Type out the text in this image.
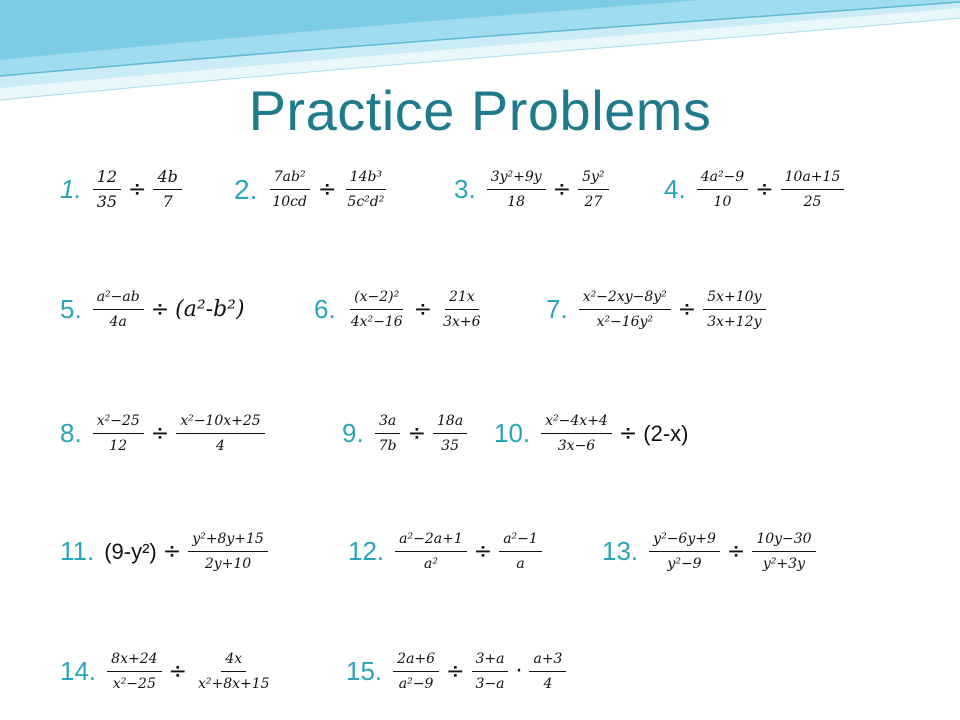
Practice Problems
1. $\frac{12}{35} \div \frac{4b}{7} 2$. $\frac{\text{7ab²}}{10cd} \div \frac{\text{14b³}}{\text{5c²d²}}$	3. $\frac{\text{3y²+9y}}{18} \div \frac{\text{5y²}}{27} 4$. $\frac{\text{4a²−9}}{10} \div \frac{10a+15}{25}$
5. $\frac{\text{a²−ab}}{4a} \div (a^2-b^2)$	6. $\frac{\text{(x−2)²}}{\text{4x²−16}} \div \frac{21x}{3x+6} 7$. $\frac{\text{x²−2xy−8y²}}{\text{x²−16y²}} \div \frac{5x+10y}{3x+12y}$
8. $\frac{\text{x²−25}}{12} \div \frac{\text{x²−10x+25}}{4}$	9. $\frac{3a}{7b} \div \frac{18a}{35} 10$. $\frac{\text{x²−4x+4}}{3x-6} \div (2-x)$
11. $(9-y^2) \div \frac{\text{y²+8y+15}}{2y+10}$	12. $\frac{\text{a²−2a+1}}{\text{a²}} \div \frac{\text{a²−1}}{a} 13$. $\frac{\text{y²−6y+9}}{\text{y²−9}} \div \frac{10y-30}{\text{y²+3y}}$
14. $\frac{8x+24}{\text{x²−25}} \div \frac{4x}{\text{x²+8x+15}}$	15. $\frac{2a+6}{\text{a²−9}} \div \frac{3+a}{3-a} \cdot \frac{a+3}{4}$
